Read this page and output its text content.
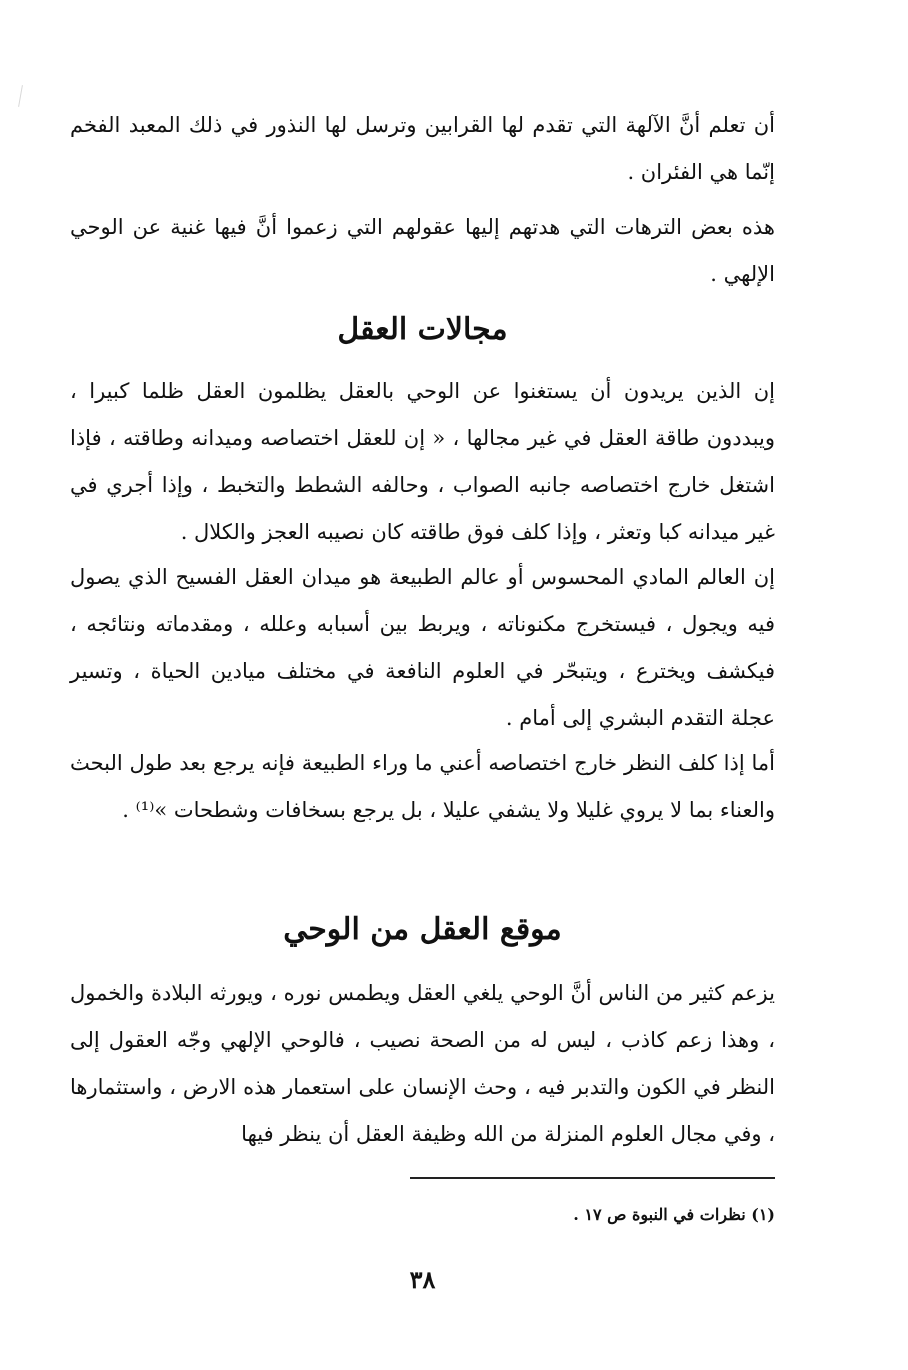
أن تعلم أنَّ الآلهة التي تقدم لها القرابين وترسل لها النذور في ذلك المعبد الفخم إنّما هي الفئران .

هذه بعض الترهات التي هدتهم إليها عقولهم التي زعموا أنَّ فيها غنية عن الوحي الإلهي .

مجالات العقل

إن الذين يريدون أن يستغنوا عن الوحي بالعقل يظلمون العقل ظلما كبيرا ، ويبددون طاقة العقل في غير مجالها ، « إن للعقل اختصاصه وميدانه وطاقته ، فإذا اشتغل خارج اختصاصه جانبه الصواب ، وحالفه الشطط والتخبط ، وإذا أجري في غير ميدانه كبا وتعثر ، وإذا كلف فوق طاقته كان نصيبه العجز والكلال .

إن العالم المادي المحسوس أو عالم الطبيعة هو ميدان العقل الفسيح الذي يصول فيه ويجول ، فيستخرج مكنوناته ، ويربط بين أسبابه وعلله ، ومقدماته ونتائجه ، فيكشف ويخترع ، ويتبحّر في العلوم النافعة في مختلف ميادين الحياة ، وتسير عجلة التقدم البشري إلى أمام .

أما إذا كلف النظر خارج اختصاصه أعني ما وراء الطبيعة فإنه يرجع بعد طول البحث والعناء بما لا يروي غليلا ولا يشفي عليلا ، بل يرجع بسخافات وشطحات »⁽¹⁾ .

موقع العقل من الوحي

يزعم كثير من الناس أنَّ الوحي يلغي العقل ويطمس نوره ، ويورثه البلادة والخمول ، وهذا زعم كاذب ، ليس له من الصحة نصيب ، فالوحي الإلهي وجّه العقول إلى النظر في الكون والتدبر فيه ، وحث الإنسان على استعمار هذه الارض ، واستثمارها ، وفي مجال العلوم المنزلة من الله وظيفة العقل أن ينظر فيها

(١) نظرات في النبوة ص ١٧ .

٣٨
